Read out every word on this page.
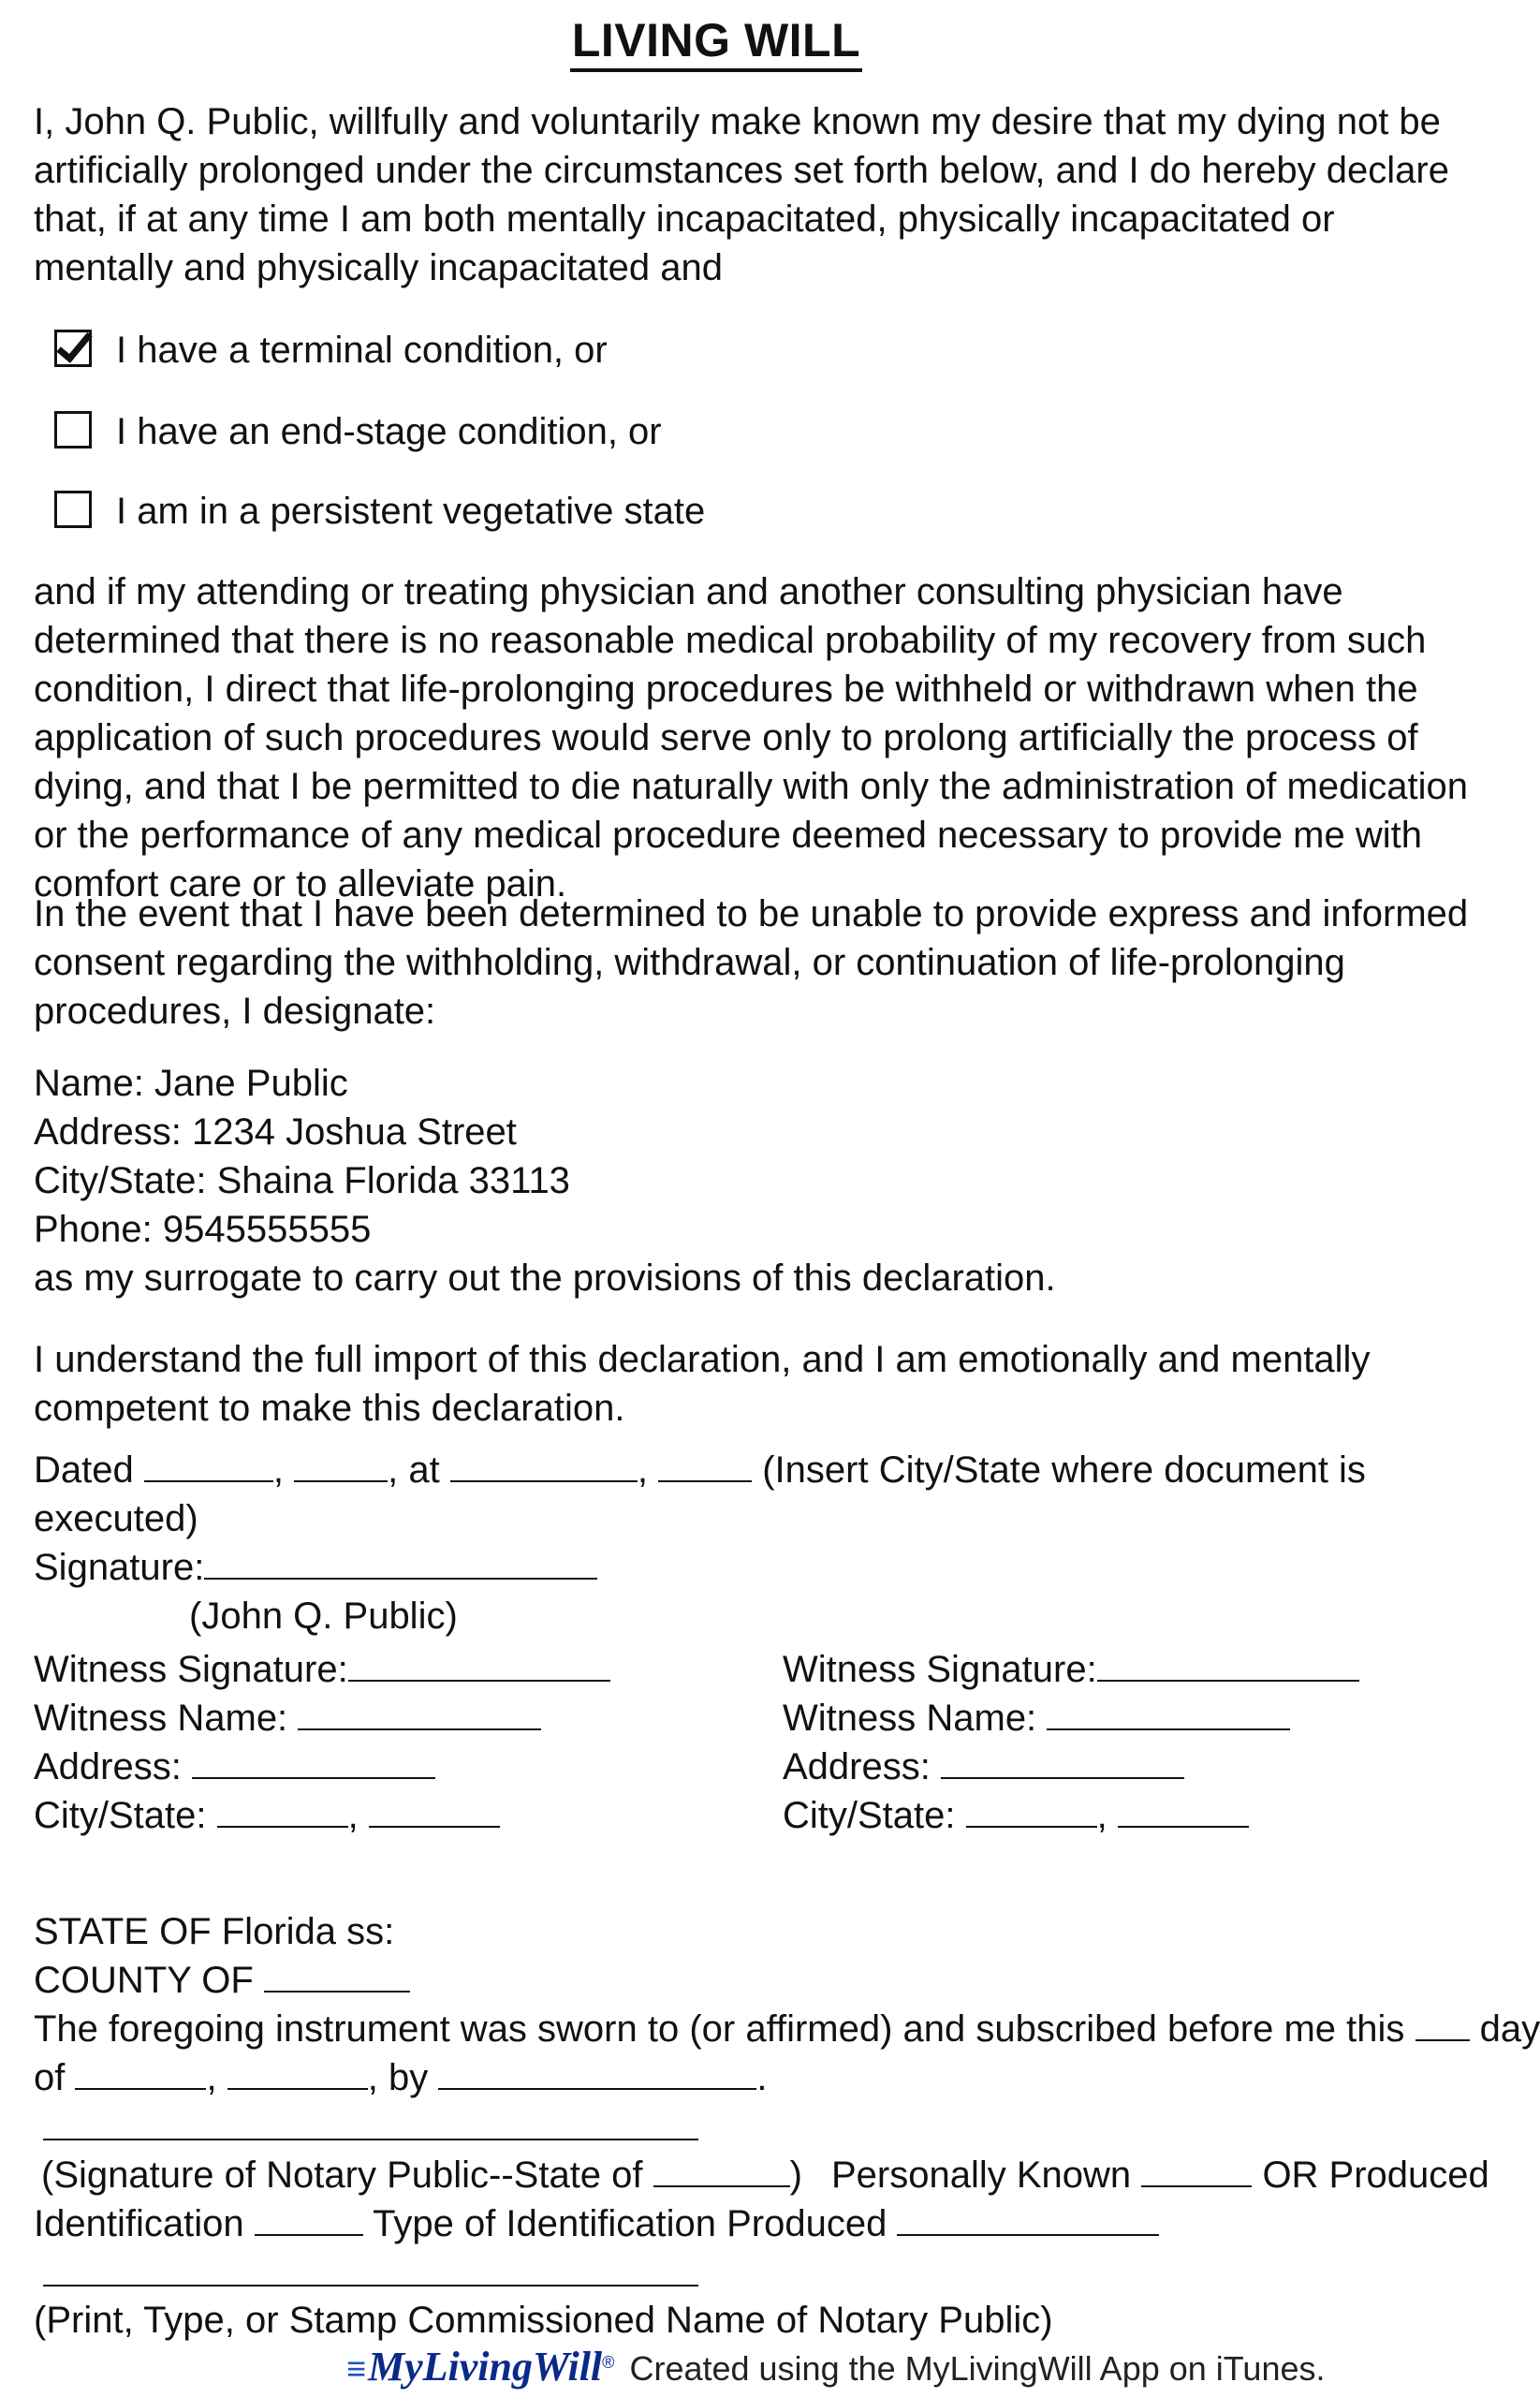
LIVING WILL

I, John Q. Public, willfully and voluntarily make known my desire that my dying not be artificially prolonged under the circumstances set forth below, and I do hereby declare that, if at any time I am both mentally incapacitated, physically incapacitated or mentally and physically incapacitated and

I have a terminal condition, or
I have an end-stage condition, or
I am in a persistent vegetative state

and if my attending or treating physician and another consulting physician have determined that there is no reasonable medical probability of my recovery from such condition, I direct that life-prolonging procedures be withheld or withdrawn when the application of such procedures would serve only to prolong artificially the process of dying, and that I be permitted to die naturally with only the administration of medication or the performance of any medical procedure deemed necessary to provide me with comfort care or to alleviate pain.

In the event that I have been determined to be unable to provide express and informed consent regarding the withholding, withdrawal, or continuation of life-prolonging procedures, I designate:

Name: Jane Public
Address: 1234 Joshua Street
City/State: Shaina Florida 33113
Phone: 9545555555
as my surrogate to carry out the provisions of this declaration.

I understand the full import of this declaration, and I am emotionally and mentally competent to make this declaration.

Dated	,	, at	,	(Insert City/State where document is
executed)
Signature:
(John Q. Public)
Witness Signature:
Witness Name:
Address:
City/State:	,
Witness Signature:
Witness Name:
Address:
City/State:	,
STATE OF Florida ss:
COUNTY OF
The foregoing instrument was sworn to (or affirmed) and subscribed before me this day
of	,	, by	.
(Signature of Notary Public--State of	) Personally Known	OR Produced
Identification	Type of Identification Produced
(Print, Type, or Stamp Commissioned Name of Notary Public)
≡MyLivingWill® Created using the MyLivingWill App on iTunes.
